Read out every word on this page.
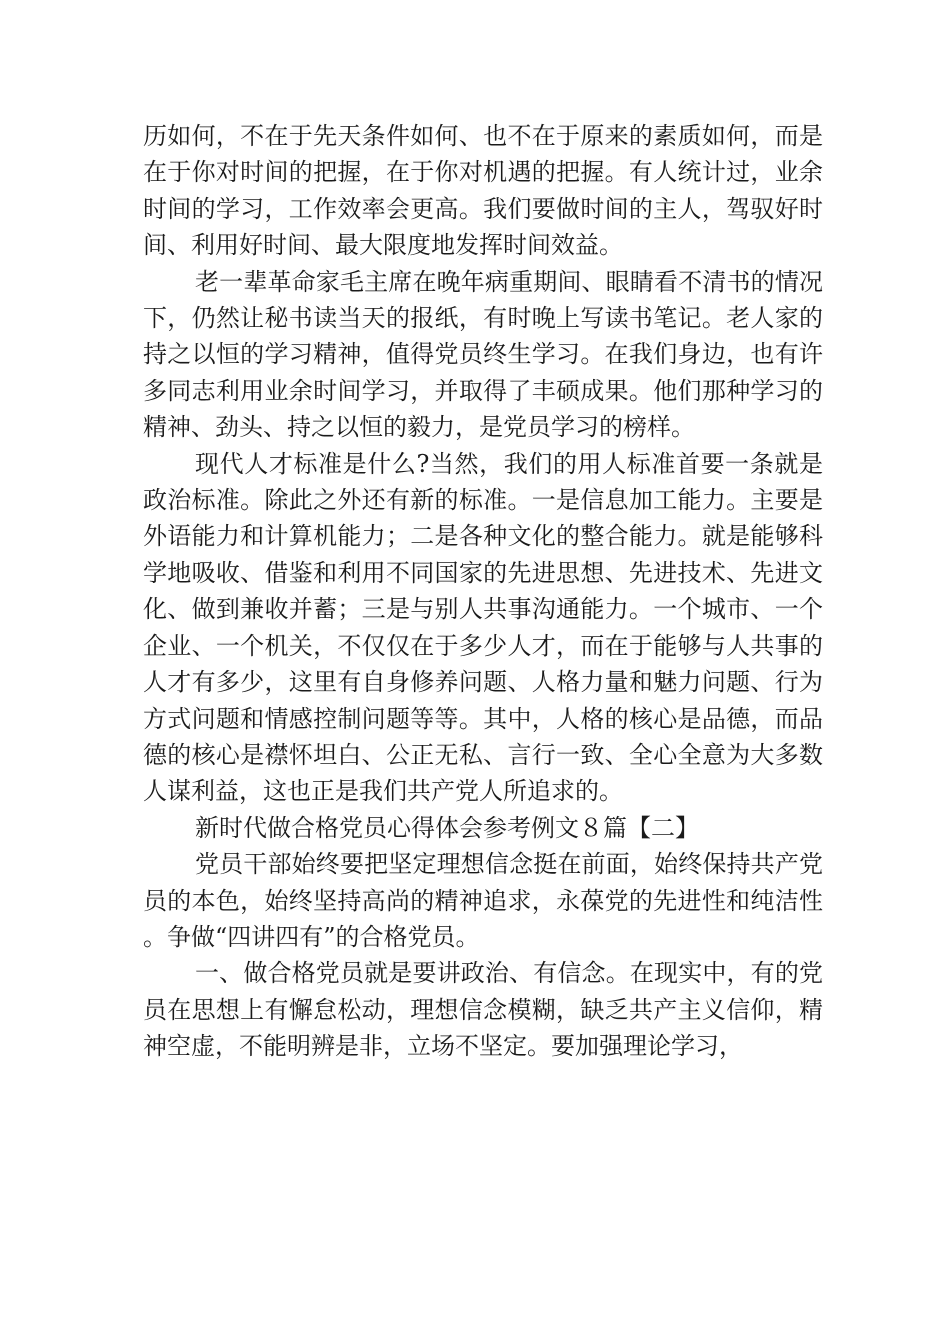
历如何，不在于先天条件如何、也不在于原来的素质如何，而是在于你对时间的把握，在于你对机遇的把握。有人统计过，业余时间的学习，工作效率会更高。我们要做时间的主人，驾驭好时间、利用好时间、最大限度地发挥时间效益。

老一辈革命家毛主席在晚年病重期间、眼睛看不清书的情况下，仍然让秘书读当天的报纸，有时晚上写读书笔记。老人家的持之以恒的学习精神，值得党员终生学习。在我们身边，也有许多同志利用业余时间学习，并取得了丰硕成果。他们那种学习的精神、劲头、持之以恒的毅力，是党员学习的榜样。

现代人才标准是什么?当然，我们的用人标准首要一条就是政治标准。除此之外还有新的标准。一是信息加工能力。主要是外语能力和计算机能力；二是各种文化的整合能力。就是能够科学地吸收、借鉴和利用不同国家的先进思想、先进技术、先进文化、做到兼收并蓄；三是与别人共事沟通能力。一个城市、一个企业、一个机关，不仅仅在于多少人才，而在于能够与人共事的人才有多少，这里有自身修养问题、人格力量和魅力问题、行为方式问题和情感控制问题等等。其中，人格的核心是品德，而品德的核心是襟怀坦白、公正无私、言行一致、全心全意为大多数人谋利益，这也正是我们共产党人所追求的。

新时代做合格党员心得体会参考例文８篇【二】

党员干部始终要把坚定理想信念挺在前面，始终保持共产党员的本色，始终坚持高尚的精神追求，永葆党的先进性和纯洁性。争做“四讲四有”的合格党员。

一、做合格党员就是要讲政治、有信念。在现实中，有的党员在思想上有懈怠松动，理想信念模糊，缺乏共产主义信仰，精神空虚，不能明辨是非，立场不坚定。要加强理论学习，
